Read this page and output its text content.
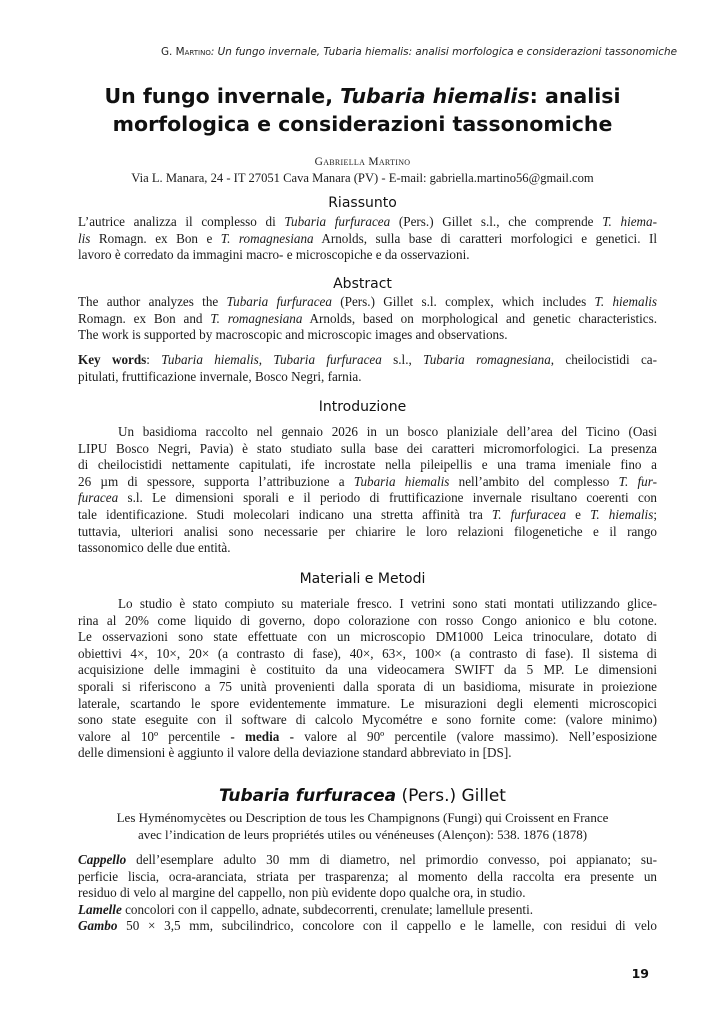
G. Martino: Un fungo invernale, Tubaria hiemalis: analisi morfologica e considerazioni tassonomiche
Un fungo invernale, Tubaria hiemalis: analisi
morfologica e considerazioni tassonomiche
Gabriella Martino
Via L. Manara, 24 - IT 27051 Cava Manara (PV) - E-mail: gabriella.martino56@gmail.com
Riassunto
L’autrice analizza il complesso di Tubaria furfuracea (Pers.) Gillet s.l., che comprende T. hiema-
lis Romagn. ex Bon e T. romagnesiana Arnolds, sulla base di caratteri morfologici e genetici. Il
lavoro è corredato da immagini macro- e microscopiche e da osservazioni.
Abstract
The author analyzes the Tubaria furfuracea (Pers.) Gillet s.l. complex, which includes T. hiemalis
Romagn. ex Bon and T. romagnesiana Arnolds, based on morphological and genetic characteristics.
The work is supported by macroscopic and microscopic images and observations.
Key words: Tubaria hiemalis, Tubaria furfuracea s.l., Tubaria romagnesiana, cheilocistidi ca-
pitulati, fruttificazione invernale, Bosco Negri, farnia.
Introduzione
Un basidioma raccolto nel gennaio 2026 in un bosco planiziale dell’area del Ticino (Oasi
LIPU Bosco Negri, Pavia) è stato studiato sulla base dei caratteri micromorfologici. La presenza
di cheilocistidi nettamente capitulati, ife incrostate nella pileipellis e una trama imeniale fino a
26 µm di spessore, supporta l’attribuzione a Tubaria hiemalis nell’ambito del complesso T. fur-
furacea s.l. Le dimensioni sporali e il periodo di fruttificazione invernale risultano coerenti con
tale identificazione. Studi molecolari indicano una stretta affinità tra T. furfuracea e T. hiemalis;
tuttavia, ulteriori analisi sono necessarie per chiarire le loro relazioni filogenetiche e il rango
tassonomico delle due entità.
Materiali e Metodi
Lo studio è stato compiuto su materiale fresco. I vetrini sono stati montati utilizzando glice-
rina al 20% come liquido di governo, dopo colorazione con rosso Congo anionico e blu cotone.
Le osservazioni sono state effettuate con un microscopio DM1000 Leica trinoculare, dotato di
obiettivi 4×, 10×, 20× (a contrasto di fase), 40×, 63×, 100× (a contrasto di fase). Il sistema di
acquisizione delle immagini è costituito da una videocamera SWIFT da 5 MP. Le dimensioni
sporali si riferiscono a 75 unità provenienti dalla sporata di un basidioma, misurate in proiezione
laterale, scartando le spore evidentemente immature. Le misurazioni degli elementi microscopici
sono state eseguite con il software di calcolo Mycométre e sono fornite come: (valore minimo)
valore al 10º percentile - media - valore al 90º percentile (valore massimo). Nell’esposizione
delle dimensioni è aggiunto il valore della deviazione standard abbreviato in [DS].
Tubaria furfuracea (Pers.) Gillet
Les Hyménomycètes ou Description de tous les Champignons (Fungi) qui Croissent en France
avec l’indication de leurs propriétés utiles ou vénéneuses (Alençon): 538. 1876 (1878)
Cappello dell’esemplare adulto 30 mm di diametro, nel primordio convesso, poi appianato; su-
perficie liscia, ocra-aranciata, striata per trasparenza; al momento della raccolta era presente un
residuo di velo al margine del cappello, non più evidente dopo qualche ora, in studio.
Lamelle concolori con il cappello, adnate, subdecorrenti, crenulate; lamellule presenti.
Gambo 50 × 3,5 mm, subcilindrico, concolore con il cappello e le lamelle, con residui di velo
19
